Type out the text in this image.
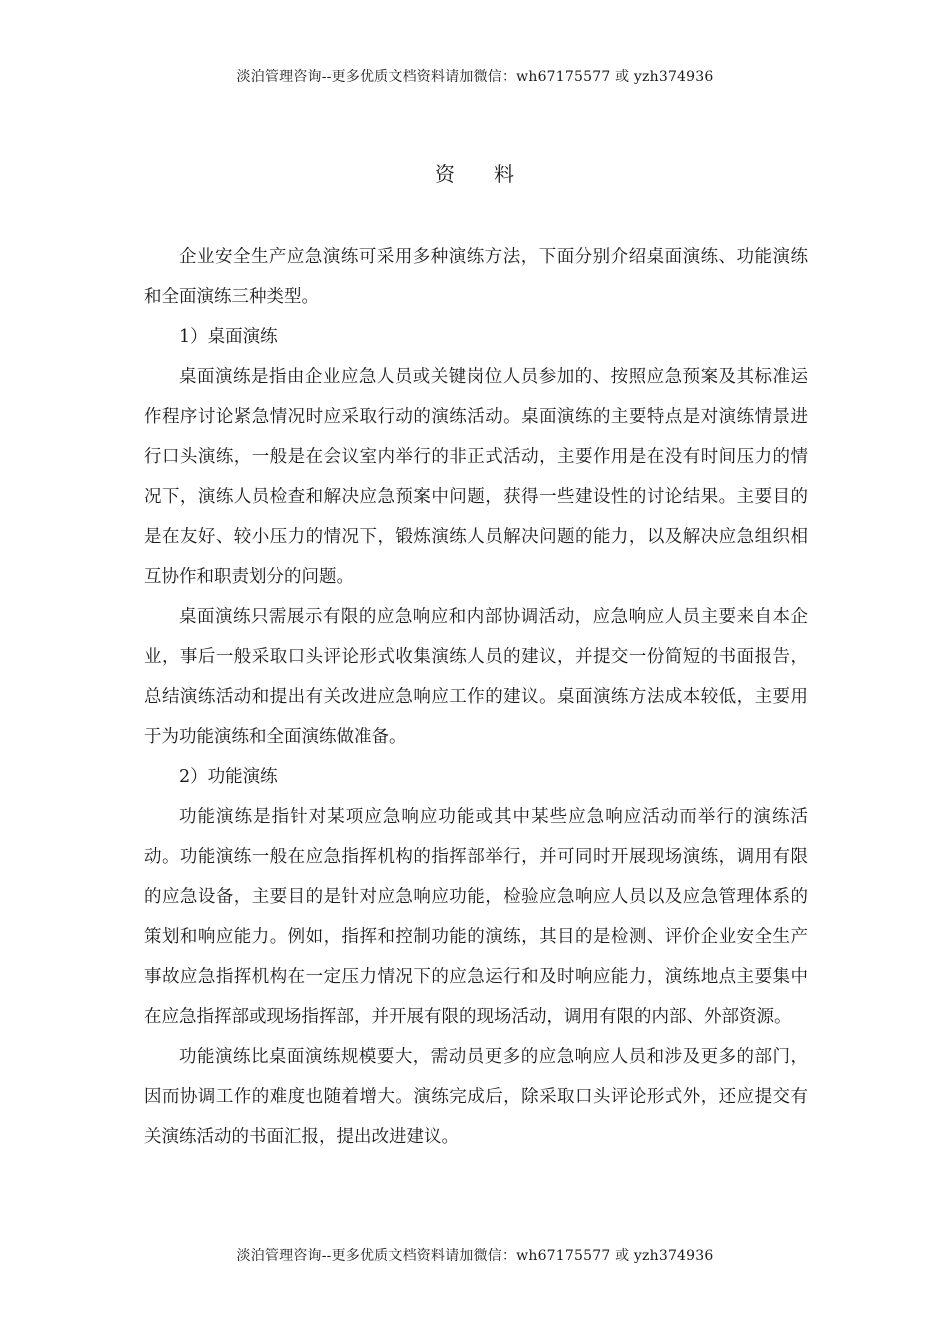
淡泊管理咨询--更多优质文档资料请加微信：wh67175577 或 yzh374936
资 料

企业安全生产应急演练可采用多种演练方法，下面分别介绍桌面演练、功能演练和全面演练三种类型。

1）桌面演练

桌面演练是指由企业应急人员或关键岗位人员参加的、按照应急预案及其标准运作程序讨论紧急情况时应采取行动的演练活动。桌面演练的主要特点是对演练情景进行口头演练，一般是在会议室内举行的非正式活动，主要作用是在没有时间压力的情况下，演练人员检查和解决应急预案中问题，获得一些建设性的讨论结果。主要目的是在友好、较小压力的情况下，锻炼演练人员解决问题的能力，以及解决应急组织相互协作和职责划分的问题。

桌面演练只需展示有限的应急响应和内部协调活动，应急响应人员主要来自本企业，事后一般采取口头评论形式收集演练人员的建议，并提交一份简短的书面报告，总结演练活动和提出有关改进应急响应工作的建议。桌面演练方法成本较低，主要用于为功能演练和全面演练做准备。

2）功能演练

功能演练是指针对某项应急响应功能或其中某些应急响应活动而举行的演练活动。功能演练一般在应急指挥机构的指挥部举行，并可同时开展现场演练，调用有限的应急设备，主要目的是针对应急响应功能，检验应急响应人员以及应急管理体系的策划和响应能力。例如，指挥和控制功能的演练，其目的是检测、评价企业安全生产事故应急指挥机构在一定压力情况下的应急运行和及时响应能力，演练地点主要集中在应急指挥部或现场指挥部，并开展有限的现场活动，调用有限的内部、外部资源。

功能演练比桌面演练规模要大，需动员更多的应急响应人员和涉及更多的部门，因而协调工作的难度也随着增大。演练完成后，除采取口头评论形式外，还应提交有关演练活动的书面汇报，提出改进建议。

淡泊管理咨询--更多优质文档资料请加微信：wh67175577 或 yzh374936
